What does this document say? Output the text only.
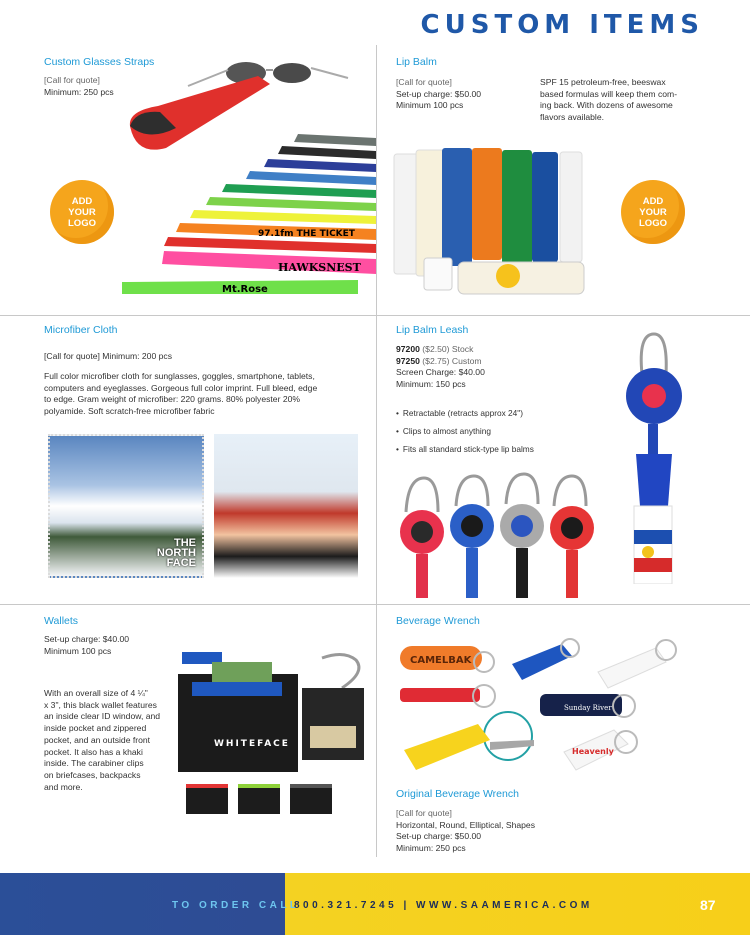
CUSTOM ITEMS
Custom Glasses Straps
[Call for quote]
Minimum: 250 pcs
97.1fm THE TICKET
HAWKSNEST
Mt.Rose
ADD
YOUR
LOGO
Lip Balm
[Call for quote]
Set-up charge: $50.00
Minimum 100 pcs
SPF 15 petroleum-free, beeswax
based formulas will keep them com-
ing back. With dozens of awesome
flavors available.
ADD
YOUR
LOGO
Microfiber Cloth
[Call for quote] Minimum: 200 pcs
Full color microfiber cloth for sunglasses, goggles, smartphone, tablets,
computers and eyeglasses. Gorgeous full color imprint. Full bleed, edge
to edge. Gram weight of microfiber: 220 grams. 80% polyester 20%
polyamide. Soft scratch-free microfiber fabric
THE
NORTH
FACE
Lip Balm Leash
97200 ($2.50) Stock
97250 ($2.75) Custom
Screen Charge: $40.00
Minimum: 150 pcs
• Retractable (retracts approx 24")
• Clips to almost anything
• Fits all standard stick-type lip balms
Wallets
Set-up charge: $40.00
Minimum 100 pcs
With an overall size of 4 ¼"
x 3", this black wallet features
an inside clear ID window, and
inside pocket and zippered
pocket, and an outside front
pocket. It also has a khaki
inside. The carabiner clips
on briefcases, backpacks
and more.
WHITEFACE
Beverage Wrench
CAMELBAK
Sunday River
Heavenly
Original Beverage Wrench
[Call for quote]
Horizontal, Round, Elliptical, Shapes
Set-up charge: $50.00
Minimum: 250 pcs
TO ORDER CALL
800.321.7245 | WWW.SAAMERICA.COM	87
